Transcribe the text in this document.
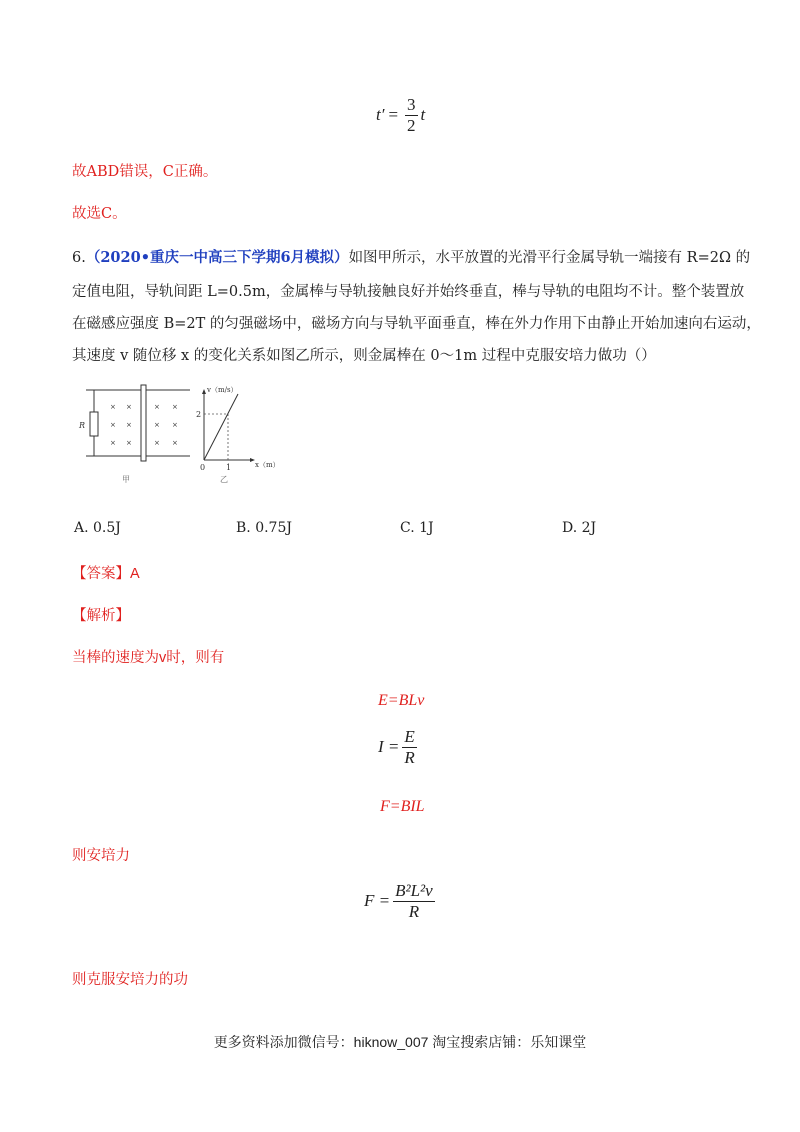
$t' = \frac{3}{2}$ t
故ABD错误，C正确。
故选C。
6.（2020•重庆一中高三下学期6月模拟）如图甲所示，水平放置的光滑平行金属导轨一端接有 R=2Ω 的
定值电阻，导轨间距 L=0.5m，金属棒与导轨接触良好并始终垂直，棒与导轨的电阻均不计。整个装置放
在磁感应强度 B=2T 的匀强磁场中，磁场方向与导轨平面垂直，棒在外力作用下由静止开始加速向右运动，
其速度 v 随位移 x 的变化关系如图乙所示，则金属棒在 0～1m 过程中克服安培力做功（）
R
× ×	× ×
× ×	× ×
× ×	× ×
甲
v（m/s）
x（m）
2
1
0
乙
A. 0.5J	B. 0.75J	C. 1J	D. 2J
【答案】A
【解析】
当棒的速度为v时，则有
E=BLv
$I = \frac{E}{R}$
F=BIL
则安培力
$F = \frac{\text{B²L²v}}{R}$
则克服安培力的功
更多资料添加微信号：hiknow_007 淘宝搜索店铺：乐知课堂
